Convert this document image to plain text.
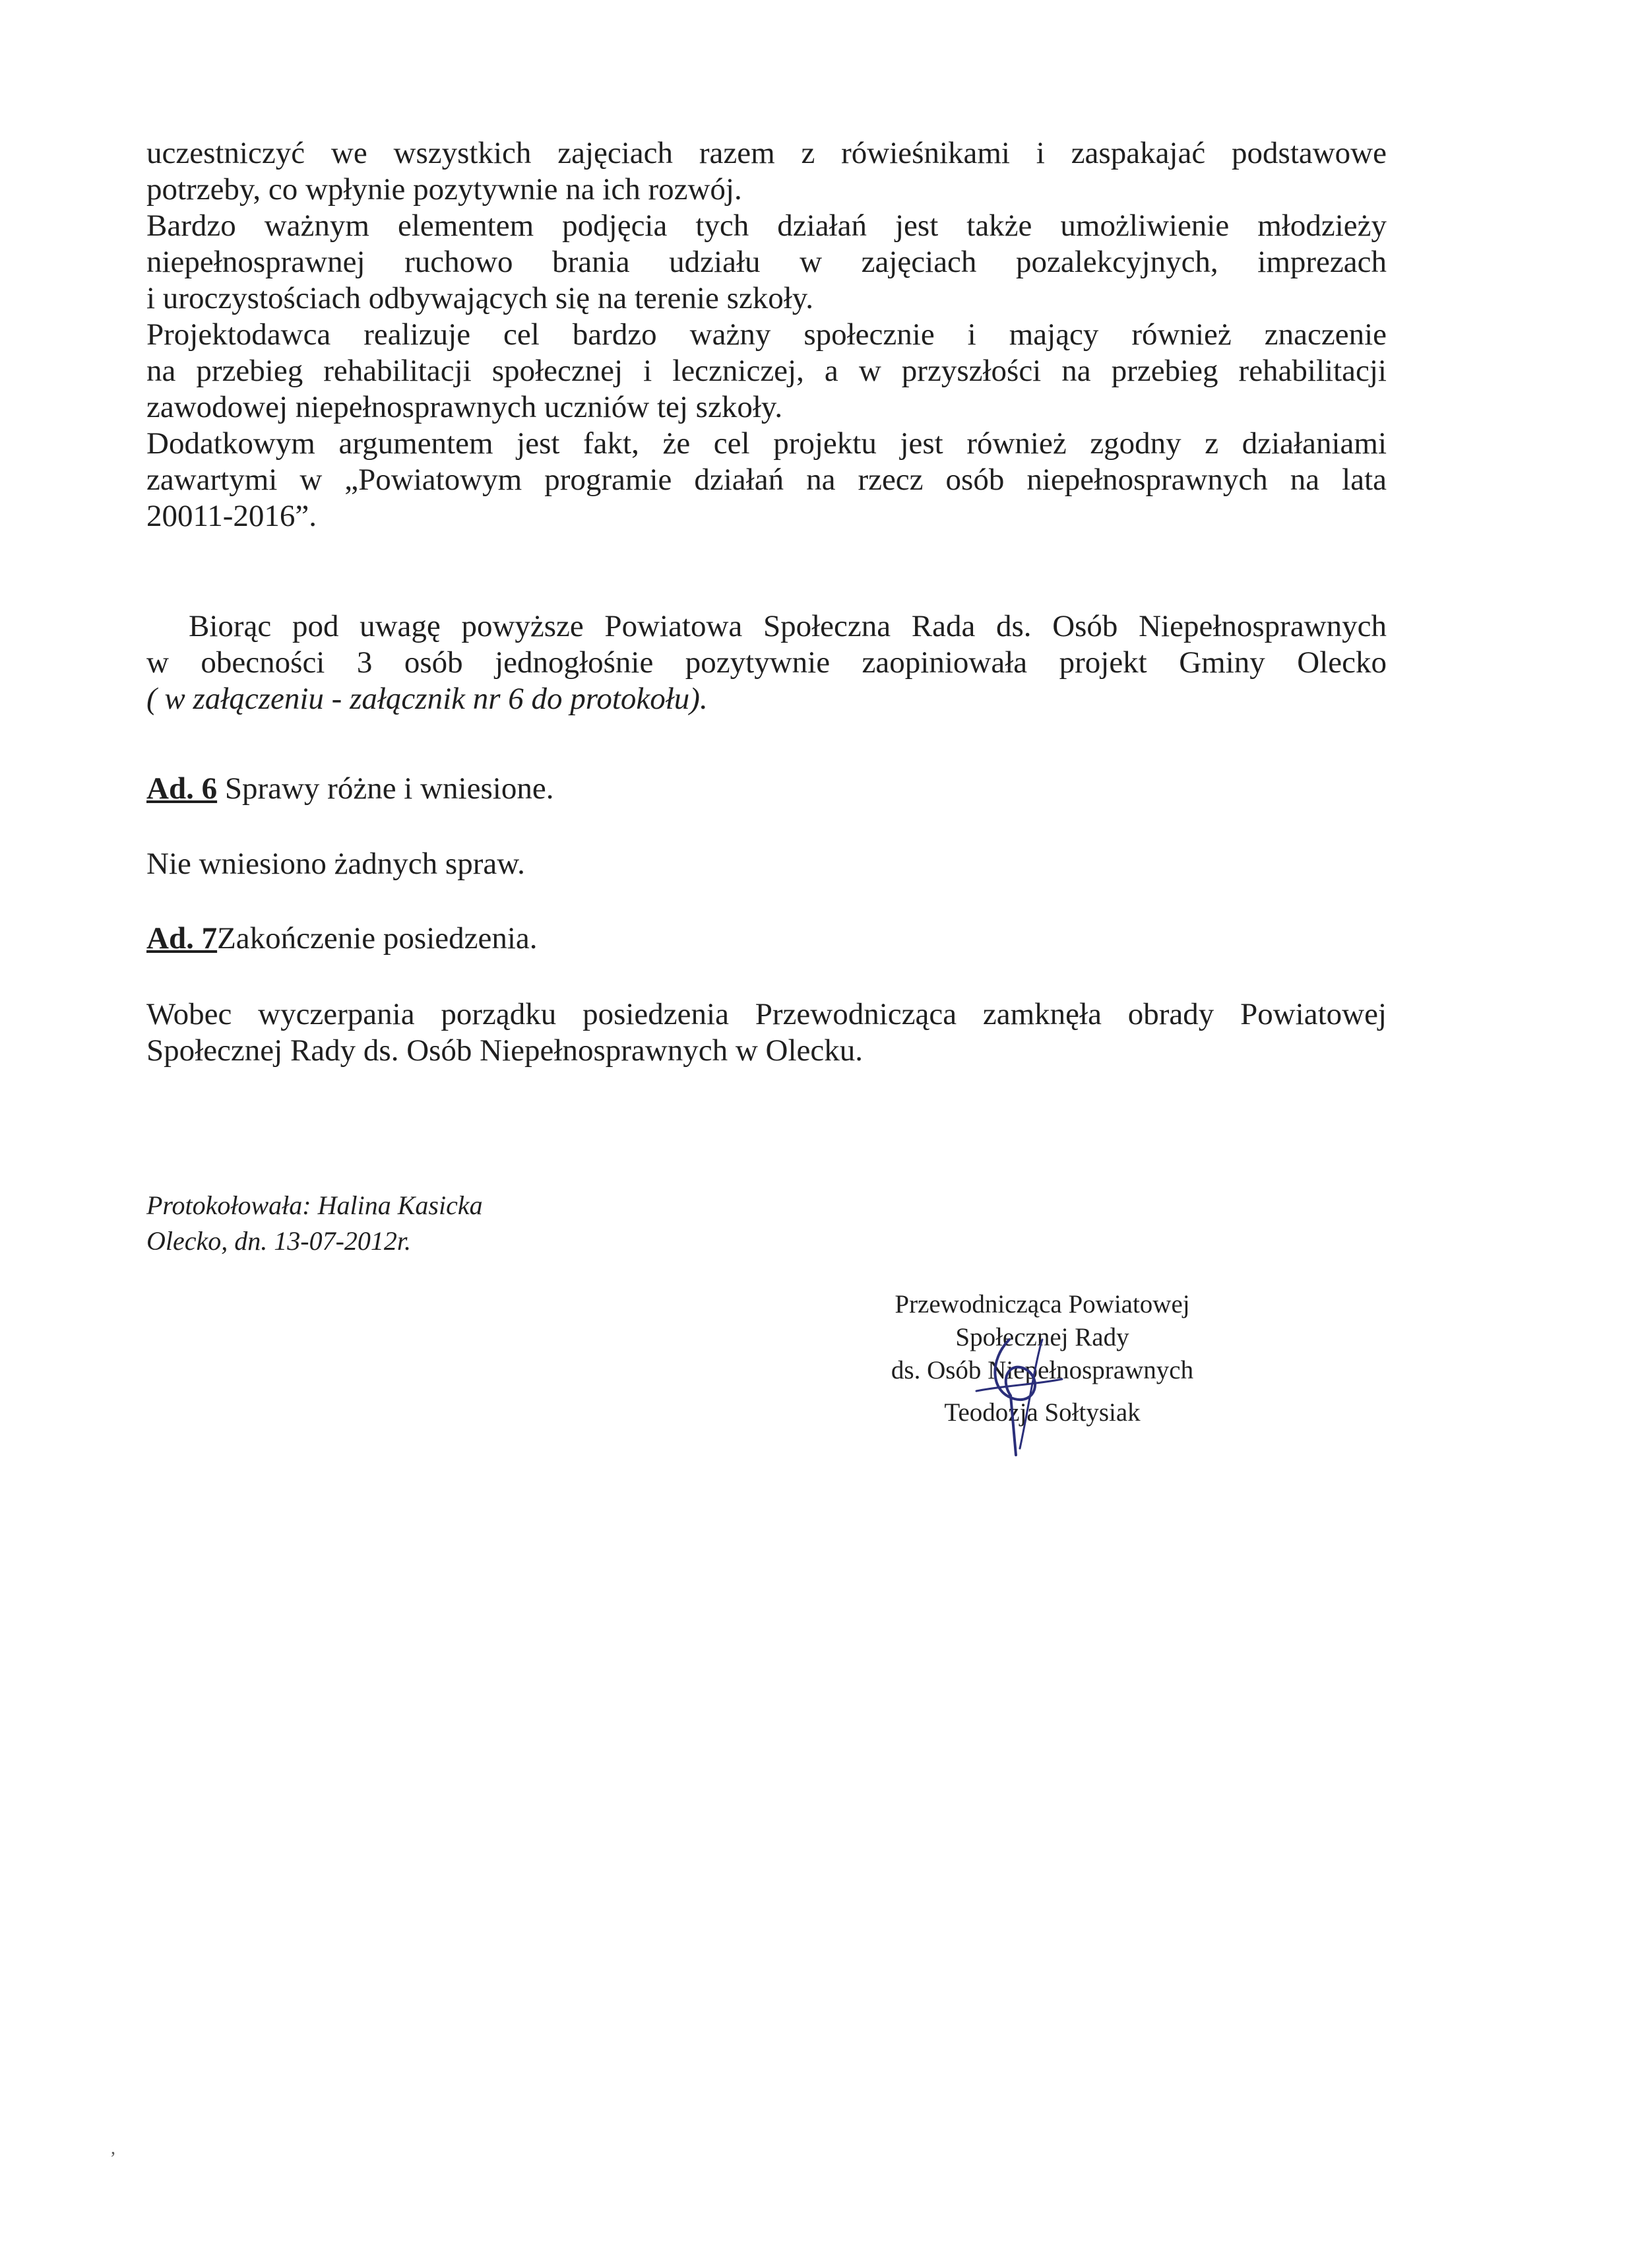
uczestniczyć we wszystkich zajęciach razem z rówieśnikami i zaspakajać podstawowe
potrzeby, co wpłynie pozytywnie na ich rozwój.

Bardzo ważnym elementem podjęcia tych działań jest także umożliwienie młodzieży
niepełnosprawnej ruchowo brania udziału w zajęciach pozalekcyjnych, imprezach
i uroczystościach odbywających się na terenie szkoły.

Projektodawca realizuje cel bardzo ważny społecznie i mający również znaczenie
na przebieg rehabilitacji społecznej i leczniczej, a w przyszłości na przebieg rehabilitacji
zawodowej niepełnosprawnych uczniów tej szkoły.

Dodatkowym argumentem jest fakt, że cel projektu jest również zgodny z działaniami
zawartymi w „Powiatowym programie działań na rzecz osób niepełnosprawnych na lata
20011-2016”.

Biorąc pod uwagę powyższe Powiatowa Społeczna Rada ds. Osób Niepełnosprawnych
w obecności 3 osób jednogłośnie pozytywnie zaopiniowała projekt Gminy Olecko
( w załączeniu - załącznik nr 6 do protokołu).
Ad. 6 Sprawy różne i wniesione.
Nie wniesiono żadnych spraw.
Ad. 7Zakończenie posiedzenia.
Wobec wyczerpania porządku posiedzenia Przewodnicząca zamknęła obrady Powiatowej
Społecznej Rady ds. Osób Niepełnosprawnych w Olecku.
Protokołowała: Halina Kasicka
Olecko, dn. 13-07-2012r.
Przewodnicząca Powiatowej
Społecznej Rady
ds. Osób Niepełnosprawnych
Teodozja Sołtysiak
,
